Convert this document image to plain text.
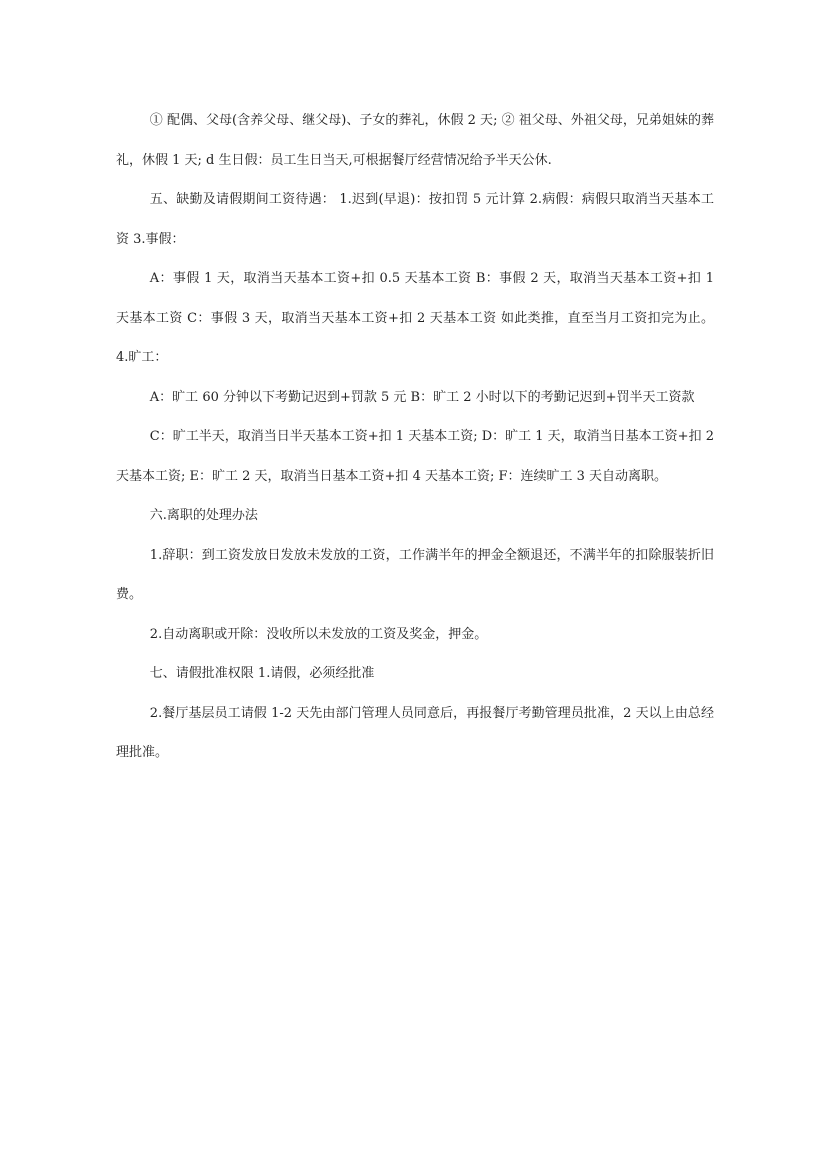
① 配偶、父母(含养父母、继父母)、子女的葬礼，休假 2 天; ② 祖父母、外祖父母，兄弟姐妹的葬礼，休假 1 天; d 生日假：员工生日当天,可根据餐厅经营情况给予半天公休.

五、缺勤及请假期间工资待遇： 1.迟到(早退)：按扣罚 5 元计算 2.病假：病假只取消当天基本工资 3.事假：

A：事假 1 天，取消当天基本工资+扣 0.5 天基本工资 B：事假 2 天，取消当天基本工资+扣 1 天基本工资 C：事假 3 天，取消当天基本工资+扣 2 天基本工资 如此类推，直至当月工资扣完为止。 4.旷工：

A：旷工 60 分钟以下考勤记迟到+罚款 5 元 B：旷工 2 小时以下的考勤记迟到+罚半天工资款

C：旷工半天，取消当日半天基本工资+扣 1 天基本工资; D：旷工 1 天，取消当日基本工资+扣 2 天基本工资; E：旷工 2 天，取消当日基本工资+扣 4 天基本工资; F：连续旷工 3 天自动离职。

六.离职的处理办法

1.辞职：到工资发放日发放未发放的工资，工作满半年的押金全额退还，不满半年的扣除服装折旧费。

2.自动离职或开除：没收所以未发放的工资及奖金，押金。

七、请假批准权限 1.请假，必须经批准

2.餐厅基层员工请假 1-2 天先由部门管理人员同意后，再报餐厅考勤管理员批准，2 天以上由总经理批准。
